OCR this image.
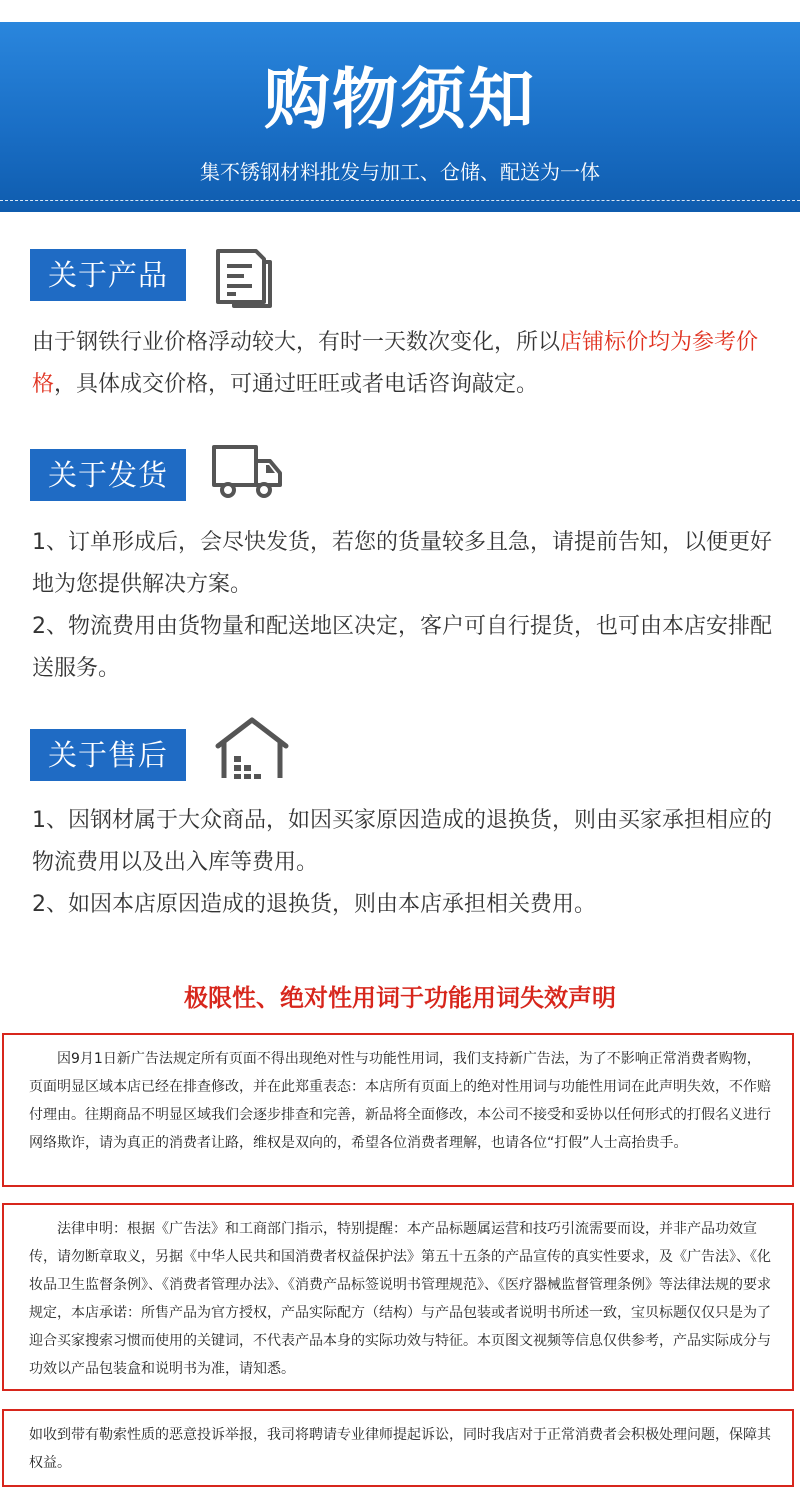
购物须知
集不锈钢材料批发与加工、仓储、配送为一体
关于产品
由于钢铁行业价格浮动较大，有时一天数次变化，所以店铺标价均为参考价格，具体成交价格，可通过旺旺或者电话咨询敲定。
关于发货
1、订单形成后，会尽快发货，若您的货量较多且急，请提前告知，以便更好地为您提供解决方案。
2、物流费用由货物量和配送地区决定，客户可自行提货，也可由本店安排配送服务。
关于售后
1、因钢材属于大众商品，如因买家原因造成的退换货，则由买家承担相应的物流费用以及出入库等费用。
2、如因本店原因造成的退换货，则由本店承担相关费用。
极限性、绝对性用词于功能用词失效声明

因9月1日新广告法规定所有页面不得出现绝对性与功能性用词，我们支持新广告法，为了不影响正常消费者购物，页面明显区域本店已经在排查修改，并在此郑重表态：本店所有页面上的绝对性用词与功能性用词在此声明失效，不作赔付理由。往期商品不明显区域我们会逐步排查和完善，新品将全面修改，本公司不接受和妥协以任何形式的打假名义进行网络欺诈，请为真正的消费者让路，维权是双向的，希望各位消费者理解，也请各位“打假”人士高抬贵手。

法律申明：根据《广告法》和工商部门指示，特别提醒：本产品标题属运营和技巧引流需要而设，并非产品功效宣传，请勿断章取义，另据《中华人民共和国消费者权益保护法》第五十五条的产品宣传的真实性要求，及《广告法》、《化妆品卫生监督条例》、《消费者管理办法》、《消费产品标签说明书管理规范》、《医疗器械监督管理条例》等法律法规的要求规定，本店承诺：所售产品为官方授权，产品实际配方（结构）与产品包装或者说明书所述一致，宝贝标题仅仅只是为了迎合买家搜索习惯而使用的关键词，不代表产品本身的实际功效与特征。本页图文视频等信息仅供参考，产品实际成分与功效以产品包装盒和说明书为准，请知悉。

如收到带有勒索性质的恶意投诉举报，我司将聘请专业律师提起诉讼，同时我店对于正常消费者会积极处理问题，保障其权益。
